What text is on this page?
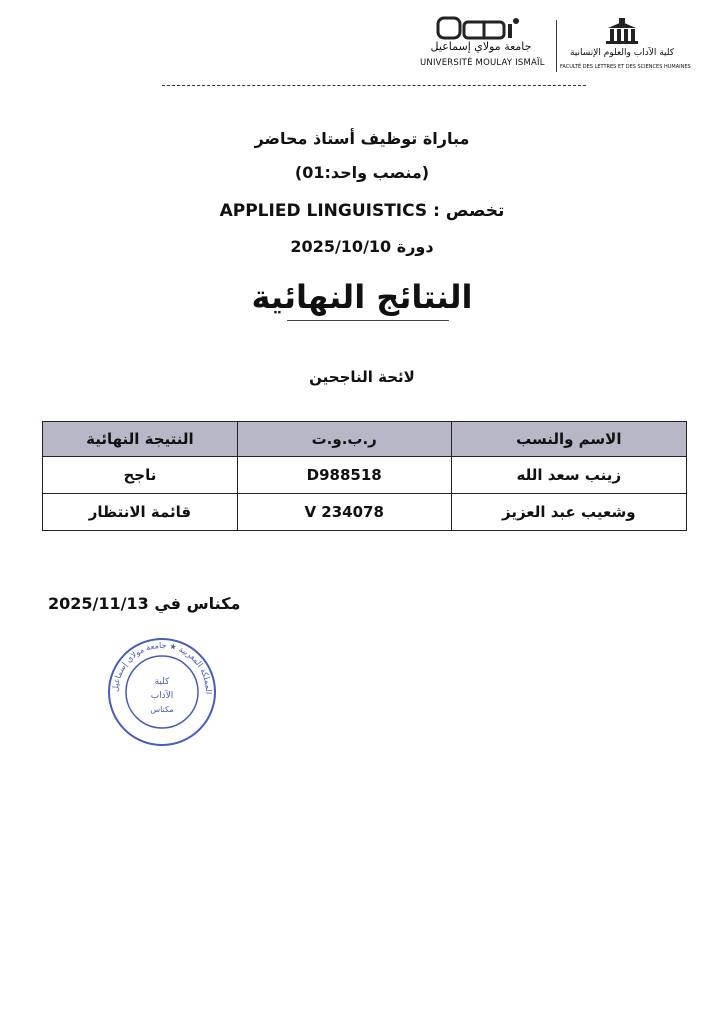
جامعة مولاي إسماعيل
UNIVERSITÉ MOULAY ISMAÏL
كلية الآداب والعلوم الإنسانية
FACULTÉ DES LETTRES ET DES SCIENCES HUMAINES

مباراة توظيف أستاذ محاضر

(منصب واحد:01)

تخصص APPLIED LINGUISTICS :

دورة 2025/10/10

النتائج النهائية
لائحة الناجحين
الاسم والنسب	ر.ب.و.ت	النتيجة النهائية
زينب سعد الله	D988518	ناجح
وشعيب عبد العزيز	V 234078	قائمة الانتظار
مكناس في 2025/11/13
المملكة المغربية ★ جامعة مولاي إسماعيل
كلية
الآداب
مكناس
